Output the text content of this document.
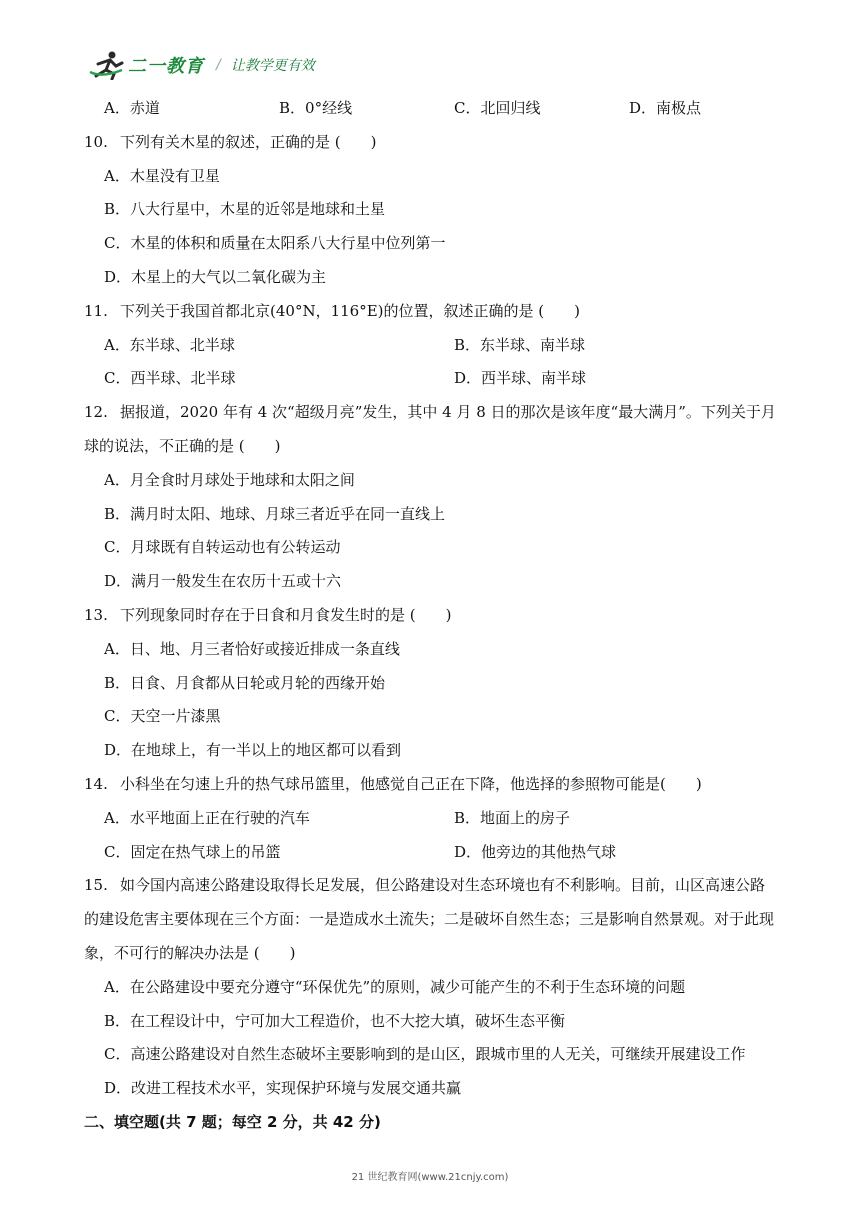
二一教育 / 让教学更有效
A．赤道	B．0°经线	C．北回归线	D．南极点
10. 下列有关木星的叙述，正确的是 (　　)
A．木星没有卫星
B．八大行星中，木星的近邻是地球和土星
C．木星的体积和质量在太阳系八大行星中位列第一
D．木星上的大气以二氧化碳为主
11. 下列关于我国首都北京(40°N，116°E)的位置，叙述正确的是 (　　)
A．东半球、北半球	B．东半球、南半球
C．西半球、北半球	D．西半球、南半球
12. 据报道，2020 年有 4 次“超级月亮”发生，其中 4 月 8 日的那次是该年度“最大满月”。下列关于月
球的说法，不正确的是 (　　)
A．月全食时月球处于地球和太阳之间
B．满月时太阳、地球、月球三者近乎在同一直线上
C．月球既有自转运动也有公转运动
D．满月一般发生在农历十五或十六
13. 下列现象同时存在于日食和月食发生时的是 (　　)
A．日、地、月三者恰好或接近排成一条直线
B．日食、月食都从日轮或月轮的西缘开始
C．天空一片漆黑
D．在地球上，有一半以上的地区都可以看到
14. 小科坐在匀速上升的热气球吊篮里，他感觉自己正在下降，他选择的参照物可能是(　　)
A．水平地面上正在行驶的汽车	B．地面上的房子
C．固定在热气球上的吊篮	D．他旁边的其他热气球
15. 如今国内高速公路建设取得长足发展，但公路建设对生态环境也有不利影响。目前，山区高速公路
的建设危害主要体现在三个方面：一是造成水土流失；二是破坏自然生态；三是影响自然景观。对于此现
象，不可行的解决办法是 (　　)
A．在公路建设中要充分遵守“环保优先”的原则，减少可能产生的不利于生态环境的问题
B．在工程设计中，宁可加大工程造价，也不大挖大填，破坏生态平衡
C．高速公路建设对自然生态破坏主要影响到的是山区，跟城市里的人无关，可继续开展建设工作
D．改进工程技术水平，实现保护环境与发展交通共赢
二、填空题(共 7 题；每空 2 分，共 42 分)
21 世纪教育网(www.21cnjy.com)
